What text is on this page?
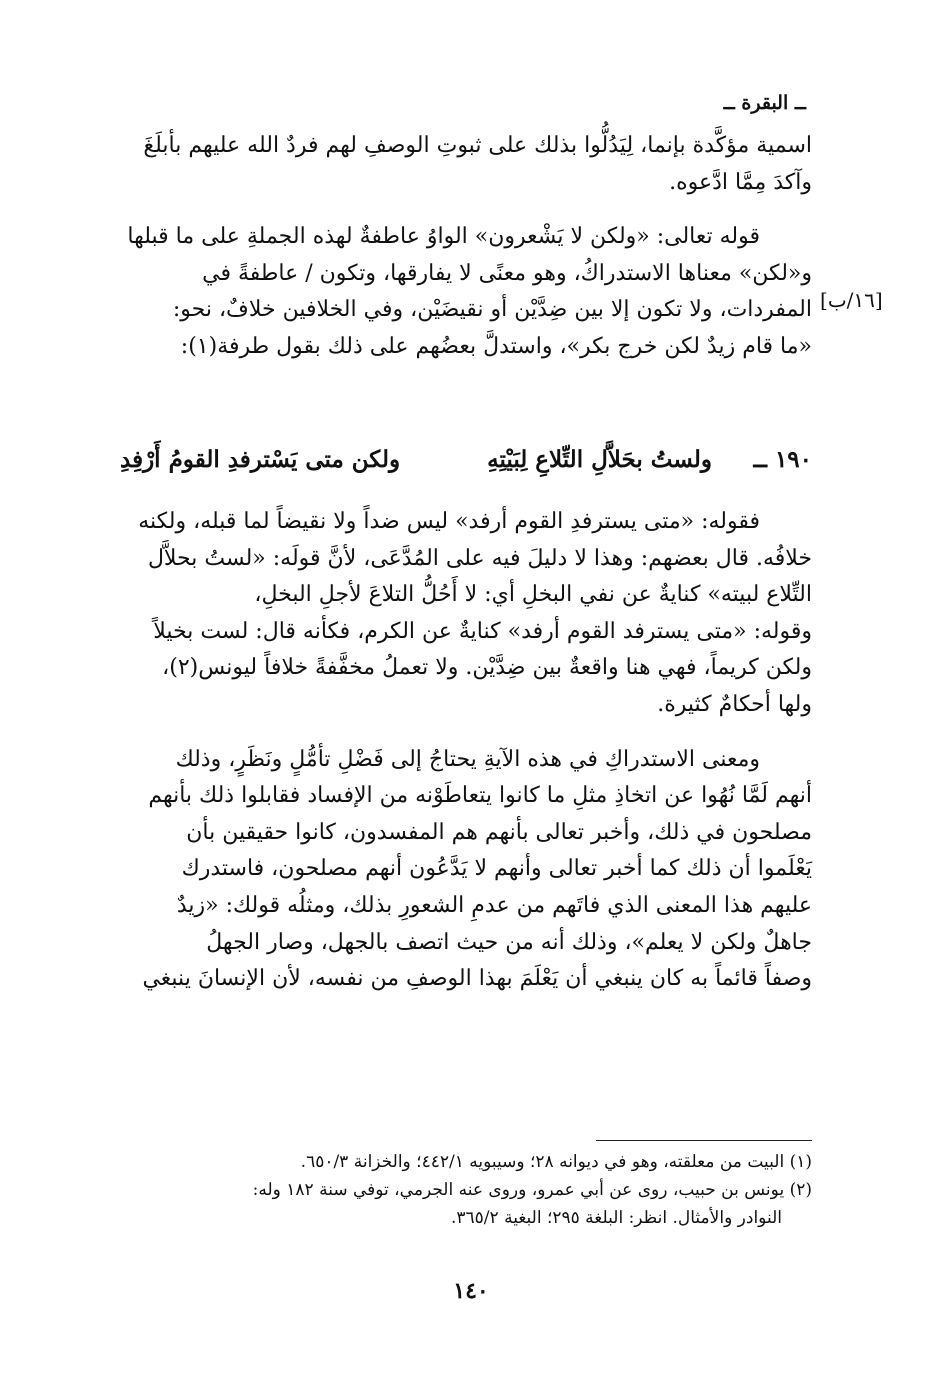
ــ البقرة ــ

اسمية مؤكَّدة بإنما، لِيَدُلُّوا بذلك على ثبوتِ الوصفِ لهم فردٌ الله عليهم بأبلَغَ
وآكدَ مِمَّا ادَّعوه.

قوله تعالى: «ولكن لا يَشْعرون» الواوُ عاطفةٌ لهذه الجملةِ على ما قبلها
و«لكن» معناها الاستدراكُ، وهو معنًى لا يفارقها، وتكون / عاطفةً في
المفردات، ولا تكون إلا بين ضِدَّيْن أو نقيضَيْن، وفي الخلافين خلافٌ، نحو:
«ما قام زيدٌ لكن خرج بكر»، واستدلَّ بعضُهم على ذلك بقول طرفة(١):

[١٦/ب]
١٩٠ ــ
ولستُ بحَلاَّلِ التِّلاعِ لِبَيْتِهِ
ولكن متى يَسْترفدِ القومُ أَرْفِدِ

فقوله: «متى يسترفدِ القوم أرفد» ليس ضداً ولا نقيضاً لما قبله، ولكنه
خلافُه. قال بعضهم: وهذا لا دليلَ فيه على المُدَّعَى، لأنَّ قولَه: «لستُ بحلاَّل
التِّلاع لبيته» كنايةٌ عن نفي البخلِ أي: لا أَحُلُّ التلاعَ لأجلِ البخلِ،
وقوله: «متى يسترفد القوم أرفد» كنايةٌ عن الكرم، فكأنه قال: لست بخيلاً
ولكن كريماً، فهي هنا واقعةٌ بين ضِدَّيْن. ولا تعملُ مخفَّفةً خلافاً ليونس(٢)،
ولها أحكامٌ كثيرة.

ومعنى الاستدراكِ في هذه الآيةِ يحتاجُ إلى فَضْلِ تأمُّلٍ ونَظَرٍ، وذلك
أنهم لَمَّا نُهُوا عن اتخاذِ مثلِ ما كانوا يتعاطَوْنه من الإفساد فقابلوا ذلك بأنهم
مصلحون في ذلك، وأخبر تعالى بأنهم هم المفسدون، كانوا حقيقين بأن
يَعْلَموا أن ذلك كما أخبر تعالى وأنهم لا يَدَّعُون أنهم مصلحون، فاستدرك
عليهم هذا المعنى الذي فاتَهم من عدمِ الشعورِ بذلك، ومثلُه قولك: «زيدٌ
جاهلٌ ولكن لا يعلم»، وذلك أنه من حيث اتصف بالجهل، وصار الجهلُ
وصفاً قائماً به كان ينبغي أن يَعْلَمَ بهذا الوصفِ من نفسه، لأن الإنسانَ ينبغي

(١) البيت من معلقته، وهو في ديوانه ٢٨؛ وسيبويه ٤٤٢/١؛ والخزانة ٦٥٠/٣.
(٢) يونس بن حبيب، روى عن أبي عمرو، وروى عنه الجرمي، توفي سنة ١٨٢ وله:
النوادر والأمثال. انظر: البلغة ٢٩٥؛ البغية ٣٦٥/٢.
١٤٠
